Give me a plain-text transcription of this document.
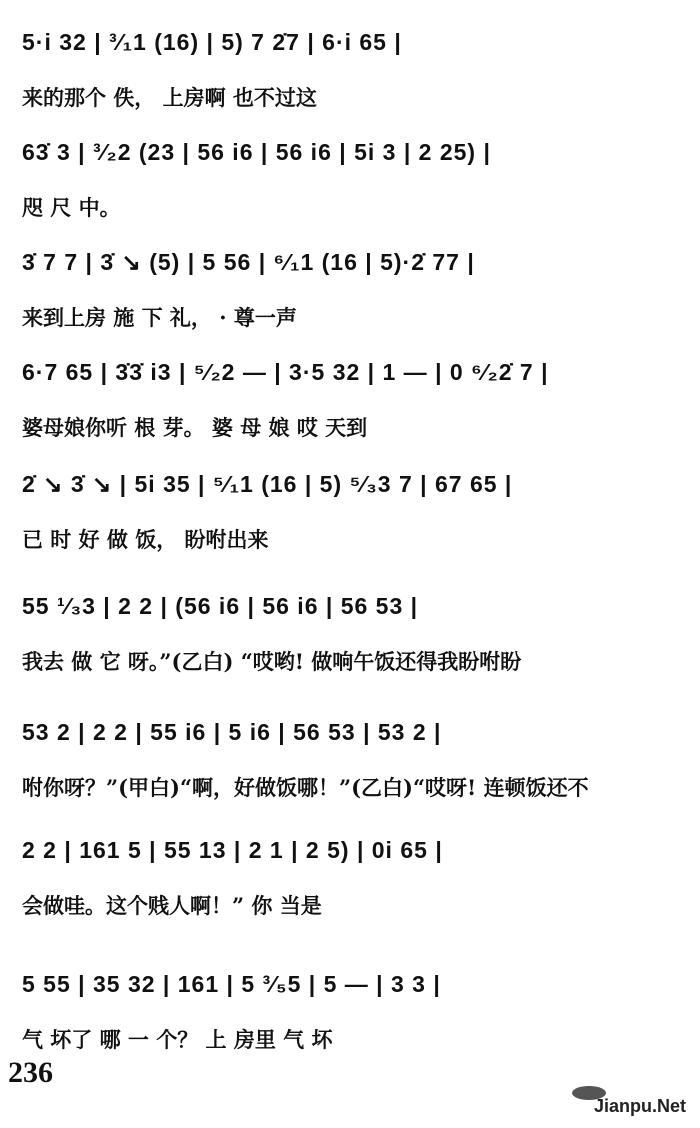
5·i 32 | ³⁄₁1 (16) | 5) 7 2̇7 | 6·i 65 |
来的那个 佚， 上房啊 也不过这
63̇ 3 | ³⁄₂2 (23 | 56 i6 | 56 i6 | 5i 3 | 2 25) |
咫 尺 中。
3̇ 7 7 | 3̇ ↘ (5) | 5 56 | ⁶⁄₁1 (16 | 5)·2̇ 77 |
来到上房 施 下 礼， · 尊一声
6·7 65 | 3̇3̇ i3 | ⁵⁄₂2 — | 3·5 32 | 1 — | 0 ⁶⁄₂2̇ 7 |
婆母娘你听 根 芽。 婆 母 娘 哎 天到
2̇ ↘ 3̇ ↘ | 5i 35 | ⁵⁄₁1 (16 | 5) ⁵⁄₃3 7 | 67 65 |
已 时 好 做 饭， 盼咐出来
55 ¹⁄₃3 | 2 2 | (56 i6 | 56 i6 | 56 53 |
我去 做 它 呀。”(乙白) “哎哟! 做响午饭还得我盼咐盼
53 2 | 2 2 | 55 i6 | 5 i6 | 56 53 | 53 2 |
咐你呀？”(甲白)“啊，好做饭哪！”(乙白)“哎呀! 连顿饭还不
2 2 | 161 5 | 55 13 | 2 1 | 2 5) | 0i 65 |
会做哇。这个贱人啊！” 你 当是
5 55 | 35 32 | 161 | 5 ³⁄₅5 | 5 — | 3 3 |
气 坏了 哪 一 个？ 上 房里 气 坏
236
Jianpu.Net
